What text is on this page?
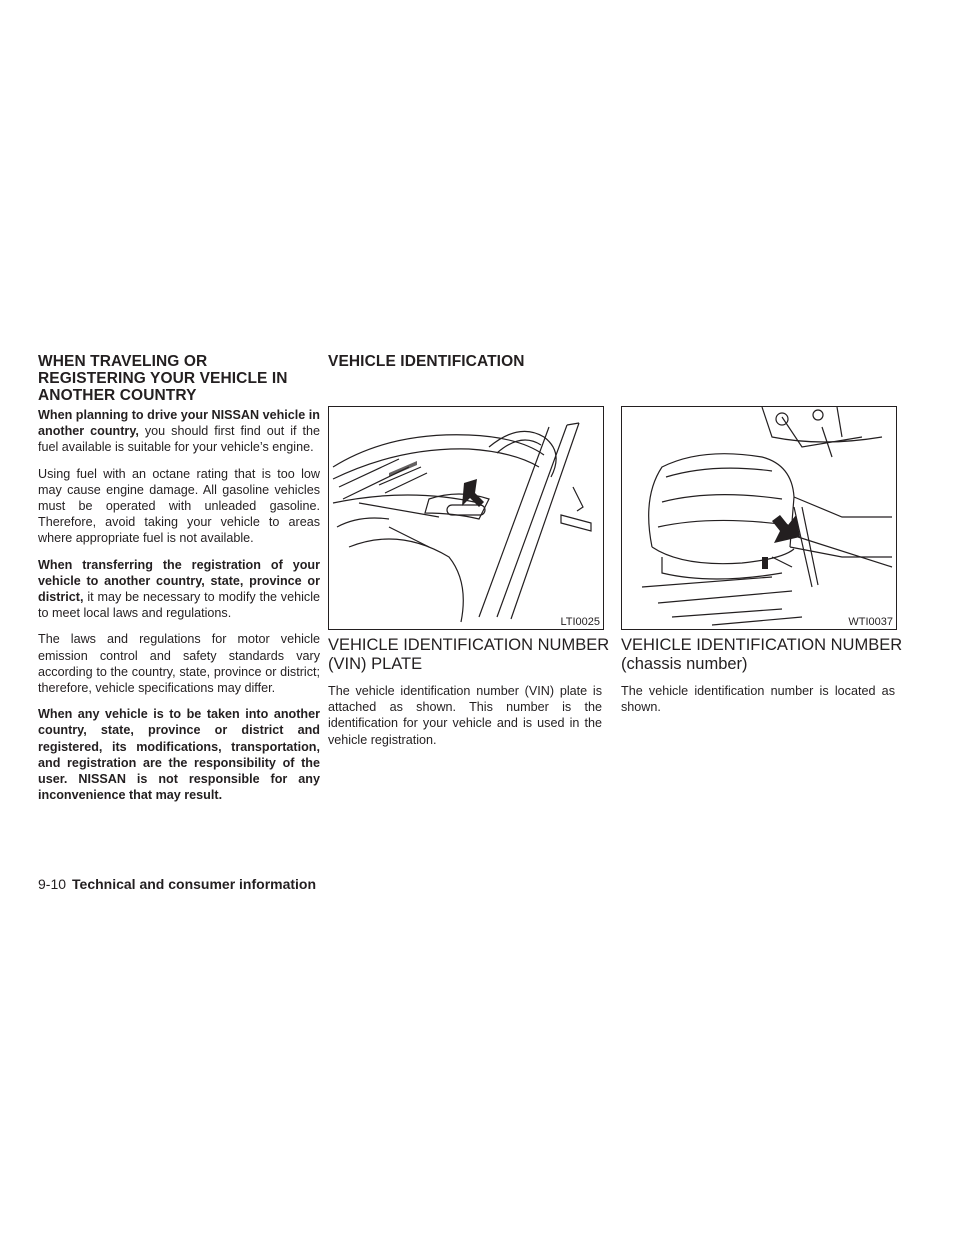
WHEN TRAVELING OR REGISTERING YOUR VEHICLE IN ANOTHER COUNTRY

When planning to drive your NISSAN vehicle in another country, you should first find out if the fuel available is suitable for your vehicle’s engine.

Using fuel with an octane rating that is too low may cause engine damage. All gasoline vehicles must be operated with unleaded gasoline. Therefore, avoid taking your vehicle to areas where appropriate fuel is not available.

When transferring the registration of your vehicle to another country, state, province or district, it may be necessary to modify the vehicle to meet local laws and regulations.

The laws and regulations for motor vehicle emission control and safety standards vary according to the country, state, province or district; therefore, vehicle specifications may differ.

When any vehicle is to be taken into another country, state, province or district and registered, its modifications, transportation, and registration are the responsibility of the user. NISSAN is not responsible for any inconvenience that may result.

VEHICLE IDENTIFICATION
LTI0025
VEHICLE IDENTIFICATION NUMBER (VIN) PLATE

The vehicle identification number (VIN) plate is attached as shown. This number is the identification for your vehicle and is used in the vehicle registration.

WTI0037
VEHICLE IDENTIFICATION NUMBER (chassis number)

The vehicle identification number is located as shown.

9-10 Technical and consumer information
